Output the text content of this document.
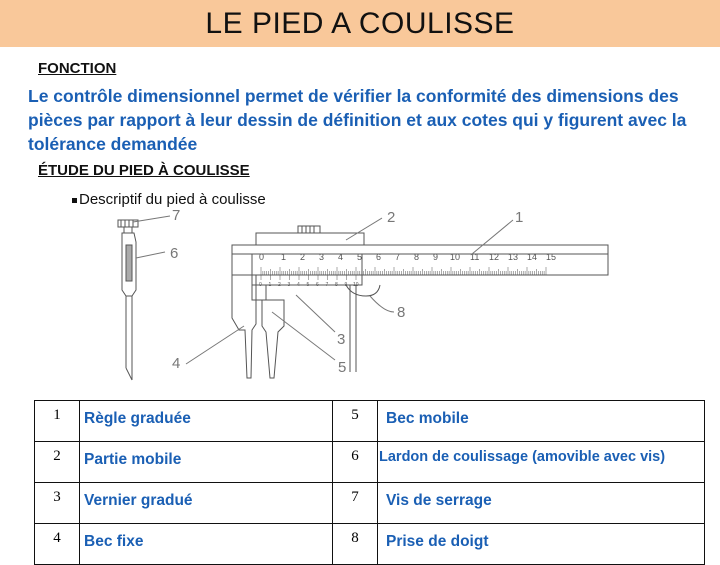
LE PIED A COULISSE
FONCTION
Le contrôle dimensionnel permet de vérifier la conformité des dimensions des pièces par rapport à leur dessin de définition et aux cotes qui y figurent avec la tolérance demandée
ÉTUDE DU PIED À COULISSE
Descriptif du pied à coulisse
0 1 2 3 4 5 6 7 8 9 10 11 12 13 14 15
0 1 2 3 4 5 6 7 8 9 10
1
2
3
4	5
6
7
8
1	Règle graduée	5	Bec mobile
2	Partie mobile	6	Lardon de coulissage (amovible avec vis)
3	Vernier gradué	7	Vis de serrage
4	Bec fixe	8	Prise de doigt
